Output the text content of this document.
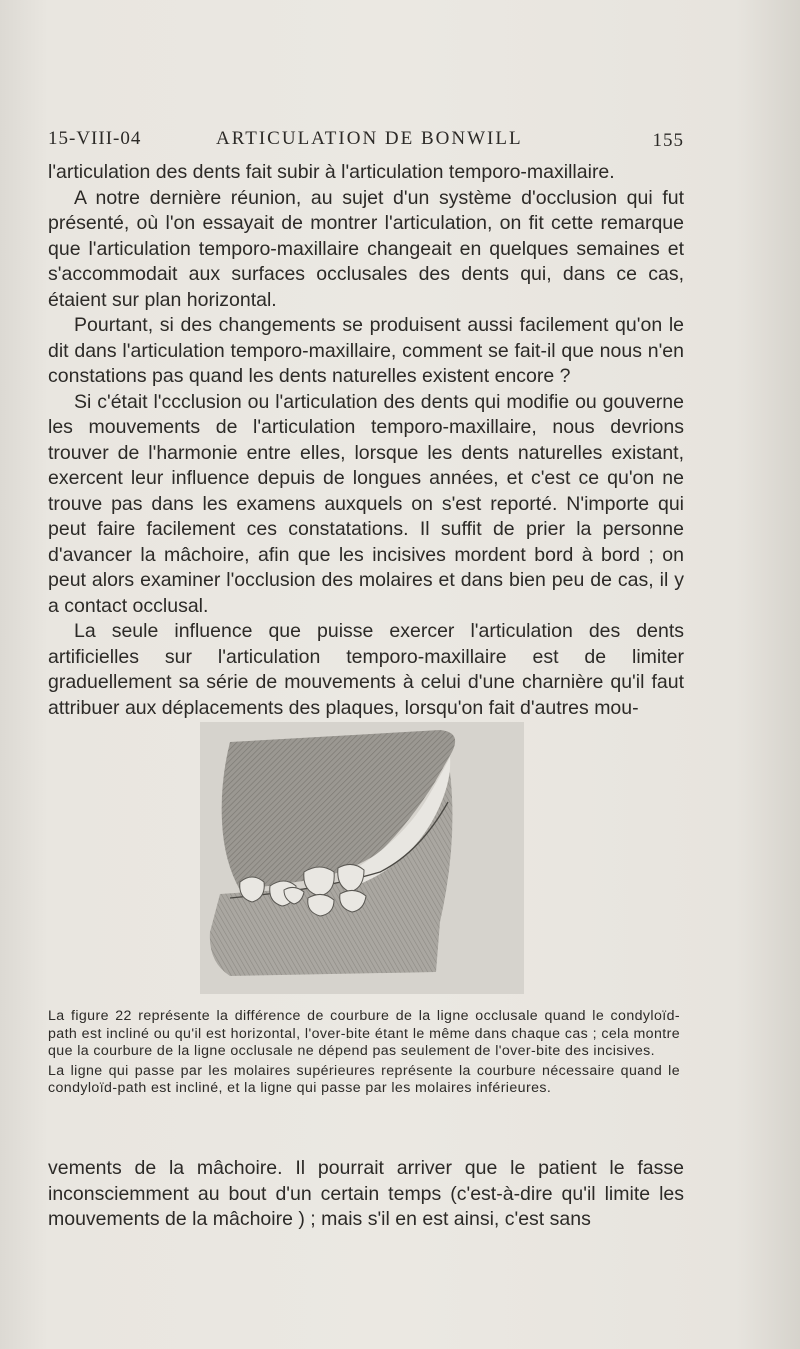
15-VIII-04	ARTICULATION DE BONWILL	155

l'articulation des dents fait subir à l'articulation temporo-maxillaire.

A notre dernière réunion, au sujet d'un système d'occlusion qui fut présenté, où l'on essayait de montrer l'articulation, on fit cette remarque que l'articulation temporo-maxillaire changeait en quelques semaines et s'accommodait aux surfaces occlusales des dents qui, dans ce cas, étaient sur plan horizontal.

Pourtant, si des changements se produisent aussi facilement qu'on le dit dans l'articulation temporo-maxillaire, comment se fait-il que nous n'en constations pas quand les dents naturelles existent encore ?

Si c'était l'ccclusion ou l'articulation des dents qui modifie ou gouverne les mouvements de l'articulation temporo-maxillaire, nous devrions trouver de l'harmonie entre elles, lorsque les dents naturelles existant, exercent leur influence depuis de longues années, et c'est ce qu'on ne trouve pas dans les examens auxquels on s'est reporté. N'importe qui peut faire facilement ces constatations. Il suffit de prier la personne d'avancer la mâchoire, afin que les incisives mordent bord à bord ; on peut alors examiner l'occlusion des molaires et dans bien peu de cas, il y a contact occlusal.

La seule influence que puisse exercer l'articulation des dents artificielles sur l'articulation temporo-maxillaire est de limiter graduellement sa série de mouvements à celui d'une charnière qu'il faut attribuer aux déplacements des plaques, lorsqu'on fait d'autres mou-

La figure 22 représente la différence de courbure de la ligne occlusale quand le condyloïd-path est incliné ou qu'il est horizontal, l'over-bite étant le même dans chaque cas ; cela montre que la courbure de la ligne occlusale ne dépend pas seulement de l'over-bite des incisives.

La ligne qui passe par les molaires supérieures représente la courbure nécessaire quand le condyloïd-path est incliné, et la ligne qui passe par les molaires inférieures.

vements de la mâchoire. Il pourrait arriver que le patient le fasse inconsciemment au bout d'un certain temps (c'est-à-dire qu'il limite les mouvements de la mâchoire ) ; mais s'il en est ainsi, c'est sans
